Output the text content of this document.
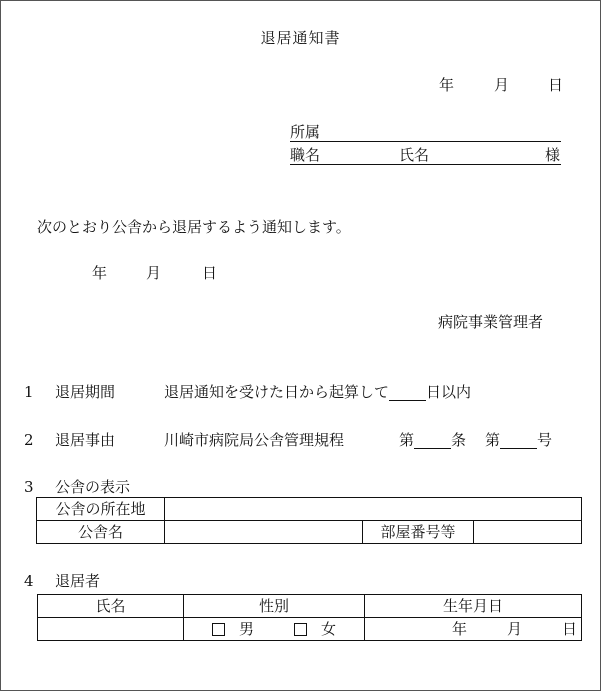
退居通知書
年	月	日
所属
職名	氏名	様
次のとおり公舎から退居するよう通知します。
年	月	日
病院事業管理者
1 退居期間	退居通知を受けた日から起算して 日以内
2 退居事由	川崎市病院局公舎管理規程	第 条 第 号
3 公舎の表示
公舎の所在地			
公舎名		部屋番号等	
4 退居者
氏名	性別	生年月日
	男 女	年 月 日
